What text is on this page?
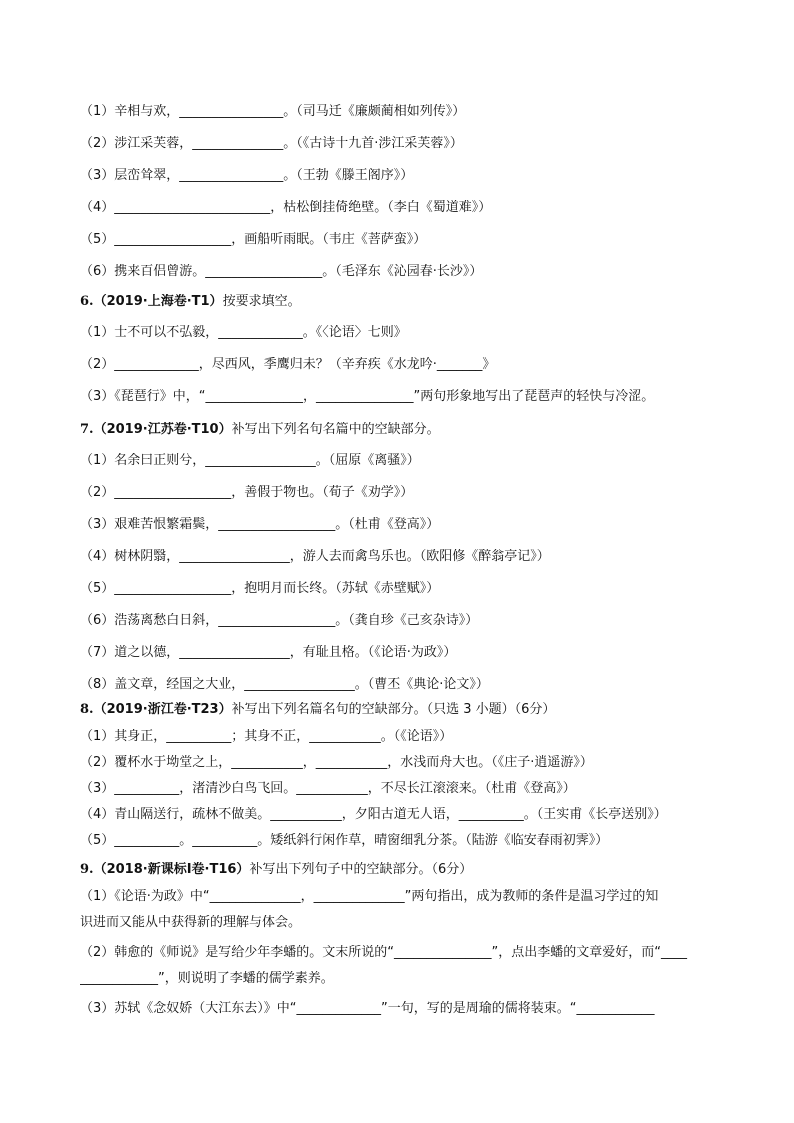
（1）辛相与欢，________________。（司马迁《廉颇蔺相如列传》）
（2）涉江采芙蓉，______________。（《古诗十九首·涉江采芙蓉》）
（3）层峦耸翠，________________。（王勃《滕王阁序》）
（4）________________________，枯松倒挂倚绝壁。（李白《蜀道难》）
（5）__________________，画船听雨眠。（韦庄《菩萨蛮》）
（6）携来百侣曾游。__________________。（毛泽东《沁园春·长沙》）
6.（2019·上海卷·T1）按要求填空。
（1）士不可以不弘毅，_____________。《〈论语〉七则》
（2）_____________，尽西风，季鹰归未？（辛弃疾《水龙吟·_______》
（3）《琵琶行》中，“_______________，_______________”两句形象地写出了琵琶声的轻快与冷涩。
7.（2019·江苏卷·T10）补写出下列名句名篇中的空缺部分。
（1）名余曰正则兮，_________________。（屈原《离骚》）
（2）__________________，善假于物也。（荀子《劝学》）
（3）艰难苦恨繁霜鬓，__________________。（杜甫《登高》）
（4）树林阴翳，_________________，游人去而禽鸟乐也。（欧阳修《醉翁亭记》）
（5）__________________，抱明月而长终。（苏轼《赤壁赋》）
（6）浩荡离愁白日斜，__________________。（龚自珍《己亥杂诗》）
（7）道之以德，_________________，有耻且格。（《论语·为政》）
（8）盖文章，经国之大业，_________________。（曹丕《典论·论文》）
8.（2019·浙江卷·T23）补写出下列名篇名句的空缺部分。（只选 3 小题）（6分）
（1）其身正，__________；其身不正，___________。（《论语》）
（2）覆杯水于坳堂之上，___________，___________，水浅而舟大也。（《庄子·逍遥游》）
（3）__________，渚清沙白鸟飞回。___________，不尽长江滚滚来。（杜甫《登高》）
（4）青山隔送行，疏林不做美。___________，夕阳古道无人语，__________。（王实甫《长亭送别》）
（5）__________。__________。矮纸斜行闲作草，晴窗细乳分茶。（陆游《临安春雨初霁》）
9.（2018·新课标Ⅰ卷·T16）补写出下列句子中的空缺部分。（6分）
（1）《论语·为政》中“______________，______________”两句指出，成为教师的条件是温习学过的知
识进而又能从中获得新的理解与体会。
（2）韩愈的《师说》是写给少年李蟠的。文末所说的“_______________”，点出李蟠的文章爱好，而“____
____________”，则说明了李蟠的儒学素养。
（3）苏轼《念奴娇（大江东去）》中“_____________”一句，写的是周瑜的儒将装束。“____________
